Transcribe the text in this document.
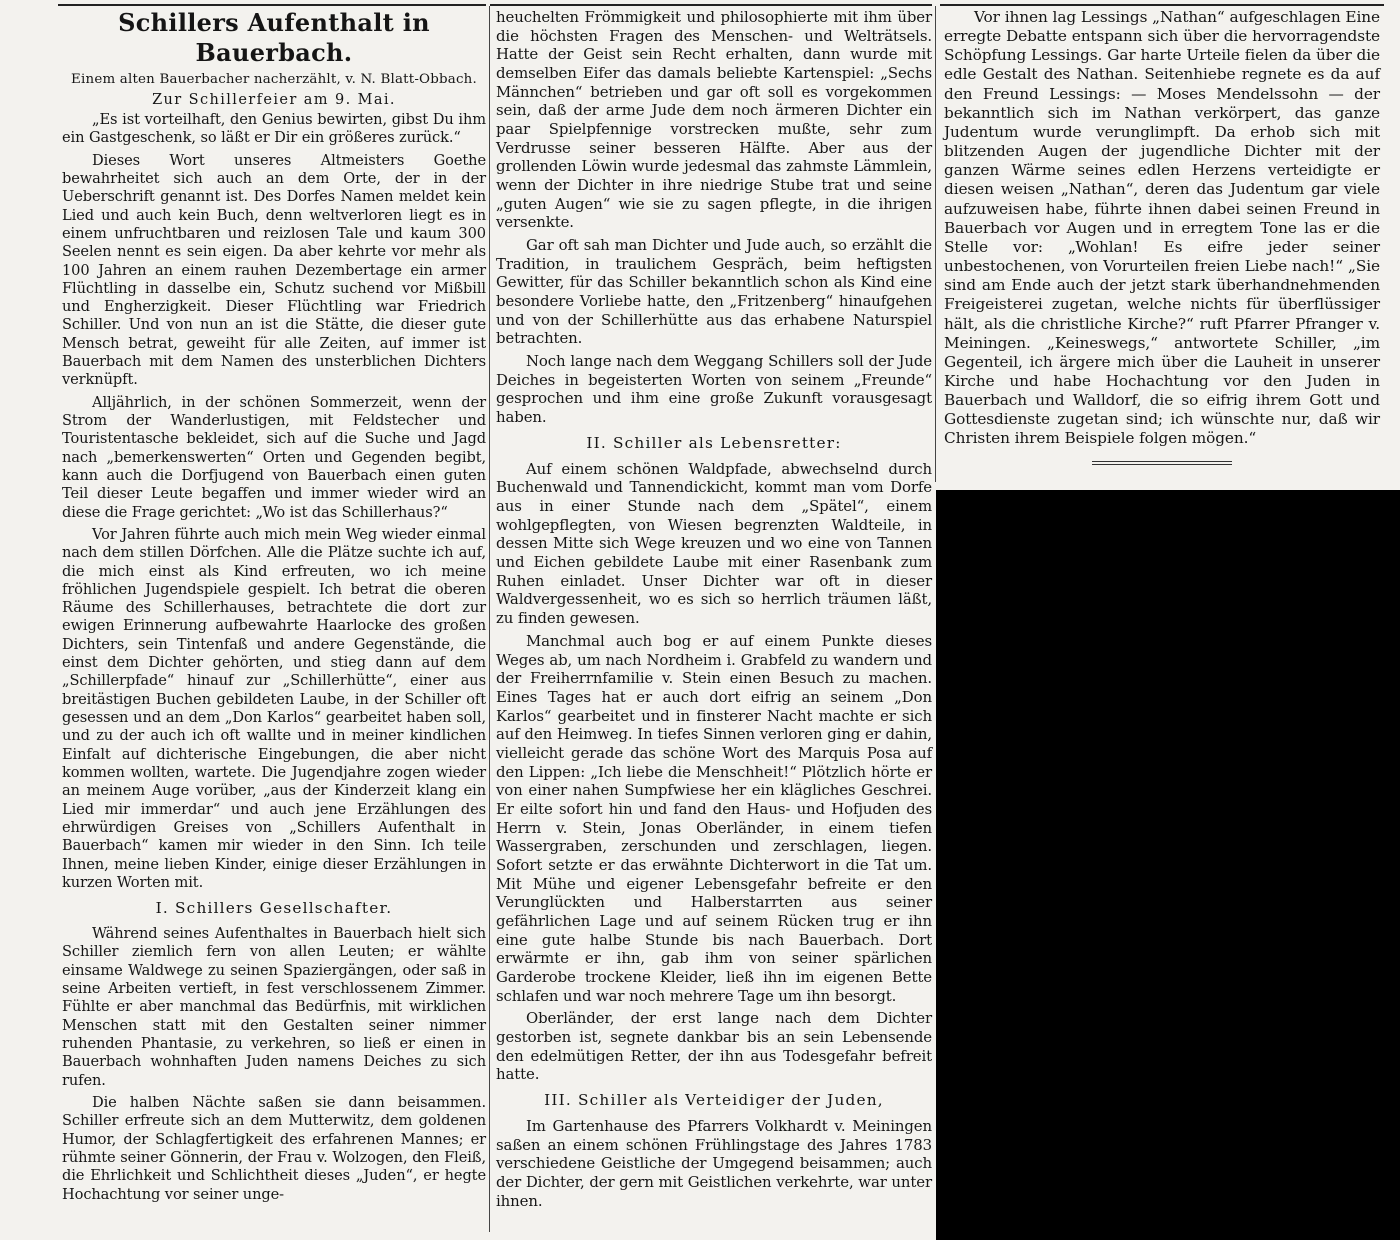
Schillers Aufenthalt in Bauerbach.
Einem alten Bauerbacher nacherzählt, v. N. Blatt-Obbach.
Zur Schillerfeier am 9. Mai.

„Es ist vorteilhaft, den Genius bewirten, gibst Du ihm ein Gastgeschenk, so läßt er Dir ein größeres zurück.“

Dieses Wort unseres Altmeisters Goethe bewahrheitet sich auch an dem Orte, der in der Ueberschrift genannt ist. Des Dorfes Namen meldet kein Lied und auch kein Buch, denn weltverloren liegt es in einem unfruchtbaren und reizlosen Tale und kaum 300 Seelen nennt es sein eigen. Da aber kehrte vor mehr als 100 Jahren an einem rauhen Dezembertage ein armer Flüchtling in dasselbe ein, Schutz suchend vor Mißbill und Engherzigkeit. Dieser Flüchtling war Friedrich Schiller. Und von nun an ist die Stätte, die dieser gute Mensch betrat, geweiht für alle Zeiten, auf immer ist Bauerbach mit dem Namen des unsterblichen Dichters verknüpft.

Alljährlich, in der schönen Sommerzeit, wenn der Strom der Wanderlustigen, mit Feldstecher und Touristentasche bekleidet, sich auf die Suche und Jagd nach „bemerkenswerten“ Orten und Gegenden begibt, kann auch die Dorfjugend von Bauerbach einen guten Teil dieser Leute begaffen und immer wieder wird an diese die Frage gerichtet: „Wo ist das Schillerhaus?“

Vor Jahren führte auch mich mein Weg wieder einmal nach dem stillen Dörfchen. Alle die Plätze suchte ich auf, die mich einst als Kind erfreuten, wo ich meine fröhlichen Jugendspiele gespielt. Ich betrat die oberen Räume des Schillerhauses, betrachtete die dort zur ewigen Erinnerung aufbewahrte Haarlocke des großen Dichters, sein Tintenfaß und andere Gegenstände, die einst dem Dichter gehörten, und stieg dann auf dem „Schillerpfade“ hinauf zur „Schillerhütte“, einer aus breitästigen Buchen gebildeten Laube, in der Schiller oft gesessen und an dem „Don Karlos“ gearbeitet haben soll, und zu der auch ich oft wallte und in meiner kindlichen Einfalt auf dichterische Eingebungen, die aber nicht kommen wollten, wartete. Die Jugendjahre zogen wieder an meinem Auge vorüber, „aus der Kinderzeit klang ein Lied mir immerdar“ und auch jene Erzählungen des ehrwürdigen Greises von „Schillers Aufenthalt in Bauerbach“ kamen mir wieder in den Sinn. Ich teile Ihnen, meine lieben Kinder, einige dieser Erzählungen in kurzen Worten mit.

I. Schillers Gesellschafter.

Während seines Aufenthaltes in Bauerbach hielt sich Schiller ziemlich fern von allen Leuten; er wählte einsame Waldwege zu seinen Spaziergängen, oder saß in seine Arbeiten vertieft, in fest verschlossenem Zimmer. Fühlte er aber manchmal das Bedürfnis, mit wirklichen Menschen statt mit den Gestalten seiner nimmer ruhenden Phantasie, zu verkehren, so ließ er einen in Bauerbach wohnhaften Juden namens Deiches zu sich rufen.

Die halben Nächte saßen sie dann beisammen. Schiller erfreute sich an dem Mutterwitz, dem goldenen Humor, der Schlagfertigkeit des erfahrenen Mannes; er rühmte seiner Gönnerin, der Frau v. Wolzogen, den Fleiß, die Ehrlichkeit und Schlichtheit dieses „Juden“, er hegte Hochachtung vor seiner unge-

heuchelten Frömmigkeit und philosophierte mit ihm über die höchsten Fragen des Menschen- und Welträtsels. Hatte der Geist sein Recht erhalten, dann wurde mit demselben Eifer das damals beliebte Kartenspiel: „Sechs Männchen“ betrieben und gar oft soll es vorgekommen sein, daß der arme Jude dem noch ärmeren Dichter ein paar Spielpfennige vorstrecken mußte, sehr zum Verdrusse seiner besseren Hälfte. Aber aus der grollenden Löwin wurde jedesmal das zahmste Lämmlein, wenn der Dichter in ihre niedrige Stube trat und seine „guten Augen“ wie sie zu sagen pflegte, in die ihrigen versenkte.

Gar oft sah man Dichter und Jude auch, so erzählt die Tradition, in traulichem Gespräch, beim heftigsten Gewitter, für das Schiller bekanntlich schon als Kind eine besondere Vorliebe hatte, den „Fritzenberg“ hinaufgehen und von der Schillerhütte aus das erhabene Naturspiel betrachten.

Noch lange nach dem Weggang Schillers soll der Jude Deiches in begeisterten Worten von seinem „Freunde“ gesprochen und ihm eine große Zukunft vorausgesagt haben.

II. Schiller als Lebensretter:

Auf einem schönen Waldpfade, abwechselnd durch Buchenwald und Tannendickicht, kommt man vom Dorfe aus in einer Stunde nach dem „Spätel“, einem wohlgepflegten, von Wiesen begrenzten Waldteile, in dessen Mitte sich Wege kreuzen und wo eine von Tannen und Eichen gebildete Laube mit einer Rasenbank zum Ruhen einladet. Unser Dichter war oft in dieser Waldvergessenheit, wo es sich so herrlich träumen läßt, zu finden gewesen.

Manchmal auch bog er auf einem Punkte dieses Weges ab, um nach Nordheim i. Grabfeld zu wandern und der Freiherrnfamilie v. Stein einen Besuch zu machen. Eines Tages hat er auch dort eifrig an seinem „Don Karlos“ gearbeitet und in finsterer Nacht machte er sich auf den Heimweg. In tiefes Sinnen verloren ging er dahin, vielleicht gerade das schöne Wort des Marquis Posa auf den Lippen: „Ich liebe die Menschheit!“ Plötzlich hörte er von einer nahen Sumpfwiese her ein klägliches Geschrei. Er eilte sofort hin und fand den Haus- und Hofjuden des Herrn v. Stein, Jonas Oberländer, in einem tiefen Wassergraben, zerschunden und zerschlagen, liegen. Sofort setzte er das erwähnte Dichterwort in die Tat um. Mit Mühe und eigener Lebensgefahr befreite er den Verunglückten und Halberstarrten aus seiner gefährlichen Lage und auf seinem Rücken trug er ihn eine gute halbe Stunde bis nach Bauerbach. Dort erwärmte er ihn, gab ihm von seiner spärlichen Garderobe trockene Kleider, ließ ihn im eigenen Bette schlafen und war noch mehrere Tage um ihn besorgt.

Oberländer, der erst lange nach dem Dichter gestorben ist, segnete dankbar bis an sein Lebensende den edelmütigen Retter, der ihn aus Todesgefahr befreit hatte.

III. Schiller als Verteidiger der Juden,

Im Gartenhause des Pfarrers Volkhardt v. Meiningen saßen an einem schönen Frühlingstage des Jahres 1783 verschiedene Geistliche der Umgegend beisammen; auch der Dichter, der gern mit Geistlichen verkehrte, war unter ihnen.

Vor ihnen lag Lessings „Nathan“ aufgeschlagen Eine erregte Debatte entspann sich über die hervorragendste Schöpfung Lessings. Gar harte Urteile fielen da über die edle Gestalt des Nathan. Seitenhiebe regnete es da auf den Freund Lessings: — Moses Mendelssohn — der bekanntlich sich im Nathan verkörpert, das ganze Judentum wurde verunglimpft. Da erhob sich mit blitzenden Augen der jugendliche Dichter mit der ganzen Wärme seines edlen Herzens verteidigte er diesen weisen „Nathan“, deren das Judentum gar viele aufzuweisen habe, führte ihnen dabei seinen Freund in Bauerbach vor Augen und in erregtem Tone las er die Stelle vor: „Wohlan! Es eifre jeder seiner unbestochenen, von Vorurteilen freien Liebe nach!“ „Sie sind am Ende auch der jetzt stark überhandnehmenden Freigeisterei zugetan, welche nichts für überflüssiger hält, als die christliche Kirche?“ ruft Pfarrer Pfranger v. Meiningen. „Keineswegs,“ antwortete Schiller, „im Gegenteil, ich ärgere mich über die Lauheit in unserer Kirche und habe Hochachtung vor den Juden in Bauerbach und Walldorf, die so eifrig ihrem Gott und Gottesdienste zugetan sind; ich wünschte nur, daß wir Christen ihrem Beispiele folgen mögen.“
